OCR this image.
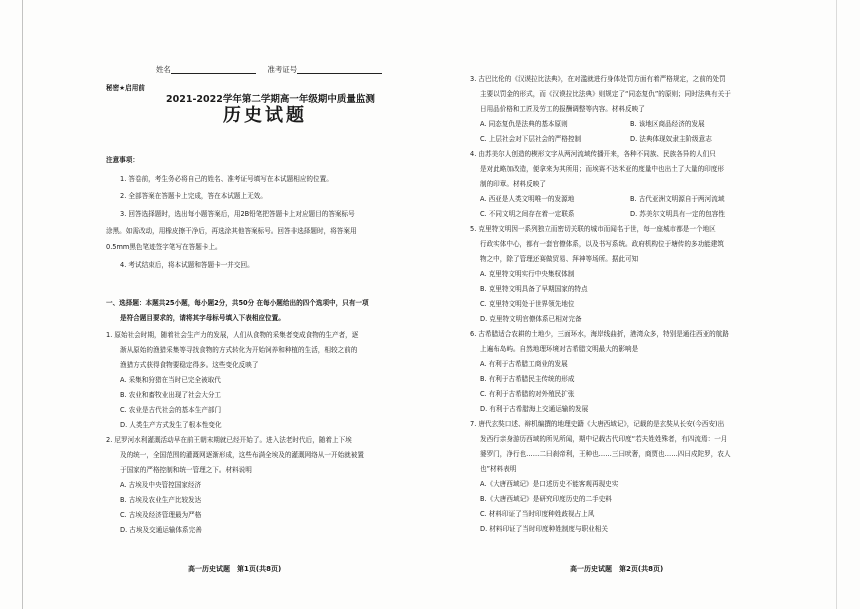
姓名	准考证号
秘密★启用前
2021-2022学年第二学期高一年级期中质量监测
历史试题
注意事项：
1. 答卷前，考生务必将自己的姓名、准考证号填写在本试题相应的位置。
2. 全部答案在答题卡上完成，答在本试题上无效。
3. 回答选择题时，选出每小题答案后，用2B铅笔把答题卡上对应题目的答案标号
涂黑。如需改动，用橡皮擦干净后，再选涂其他答案标号。回答非选择题时，将答案用
0.5mm黑色笔迹签字笔写在答题卡上。
4. 考试结束后，将本试题和答题卡一并交回。
一、选择题：本题共25小题，每小题2分，共50分 在每小题给出的四个选项中，只有一项
是符合题目要求的，请将其字母标号填入下表相应位置。
1. 原始社会时期，随着社会生产力的发展，人们从食物的采集者变成食物的生产者，逐
渐从原始的渔猎采集等寻找食物的方式转化为开始饲养和种植的生活，相较之前的
渔猎方式获得食物要稳定得多。这些变化反映了
A. 采集和狩猎在当时已完全被取代
B. 农业和畜牧业出现了社会大分工
C. 农业是古代社会的基本生产部门
D. 人类生产方式发生了根本性变化
2. 尼罗河水利灌溉活动早在前王朝末期就已经开始了。进入法老时代后，随着上下埃
及的统一，全国范围的灌溉网逐渐形成，这些布满全埃及的灌溉网络从一开始就被置
于国家的严格控制和统一管理之下。材料说明
A. 古埃及中央管控国家经济
B. 古埃及农业生产比较发达
C. 古埃及经济管理最为严格
D. 古埃及交通运输体系完善
高一历史试题　第1页(共8页)
3. 古巴比伦的《汉谟拉比法典》，在对滥就进行身体处罚方面有着严格规定，之前的处罚
主要以罚金的形式，而《汉谟拉比法典》则规定了“同态复仇”的原则；同时法典有关于
日用品价格和工匠及劳工的报酬调整等内容。材料反映了
A. 同态复仇是法典的基本原则	B. 该地区商品经济的发展
C. 上层社会对下层社会的严格控制	D. 法典体现奴隶主阶级意志
4. 由苏美尔人创造的楔形文字从两河流域传播开来，各种不同族、民族各异的人们只
是对此略加改造，便拿来为其所用；而埃赛不达米亚的度量中也出土了大量的印度形
制的印章。材料反映了
A. 西亚是人类文明唯一的发源地	B. 古代亚洲文明源自于两河流域
C. 不同文明之间存在着一定联系	D. 苏美尔文明具有一定的包容性
5. 克里特文明因一系列独立而密切关联的城市而闻名于世，每一座城市都是一个地区
行政实体中心，都有一套官僚体系，以及书写系统。政府机构位于塘传的多功能建筑
物之中，除了管理还赛做贸易、拜神等场所。据此可知
A. 克里特文明实行中央集权体制
B. 克里特文明具备了早期国家的特点
C. 克里特文明处于世界领先地位
D. 克里特文明官僚体系已相对完备
6. 古希腊适合农耕的土地少，三面环水，海岸线曲折，港湾众多，特别是通往西亚的航路
上遍布岛屿。自然地理环境对古希腊文明最大的影响是
A. 有利于古希腊工商业的发展
B. 有利于古希腊民主传统的形成
C. 有利于古希腊的对外殖民扩张
D. 有利于古希腊海上交通运输的发展
7. 唐代玄奘口述、辩机编撰的地理史籍《大唐西域记》，记载的是玄奘从长安(今西安)出
发西行亲身游历西域的所见所闻，期中记载古代印度“若夫姓姓殊者，有四流焉：一月
婆罗门，净行也……二曰刹帝利，王种也……三曰吠奢，商贾也……四曰戍陀罗，农人
也”材料表明
A.《大唐西域记》是口述历史不能客观再现史实
B.《大唐西域记》是研究印度历史的二手史料
C. 材料印证了当时印度种姓歧视占上风
D. 材料印证了当时印度种姓制度与职业相关
高一历史试题　第2页(共8页)
